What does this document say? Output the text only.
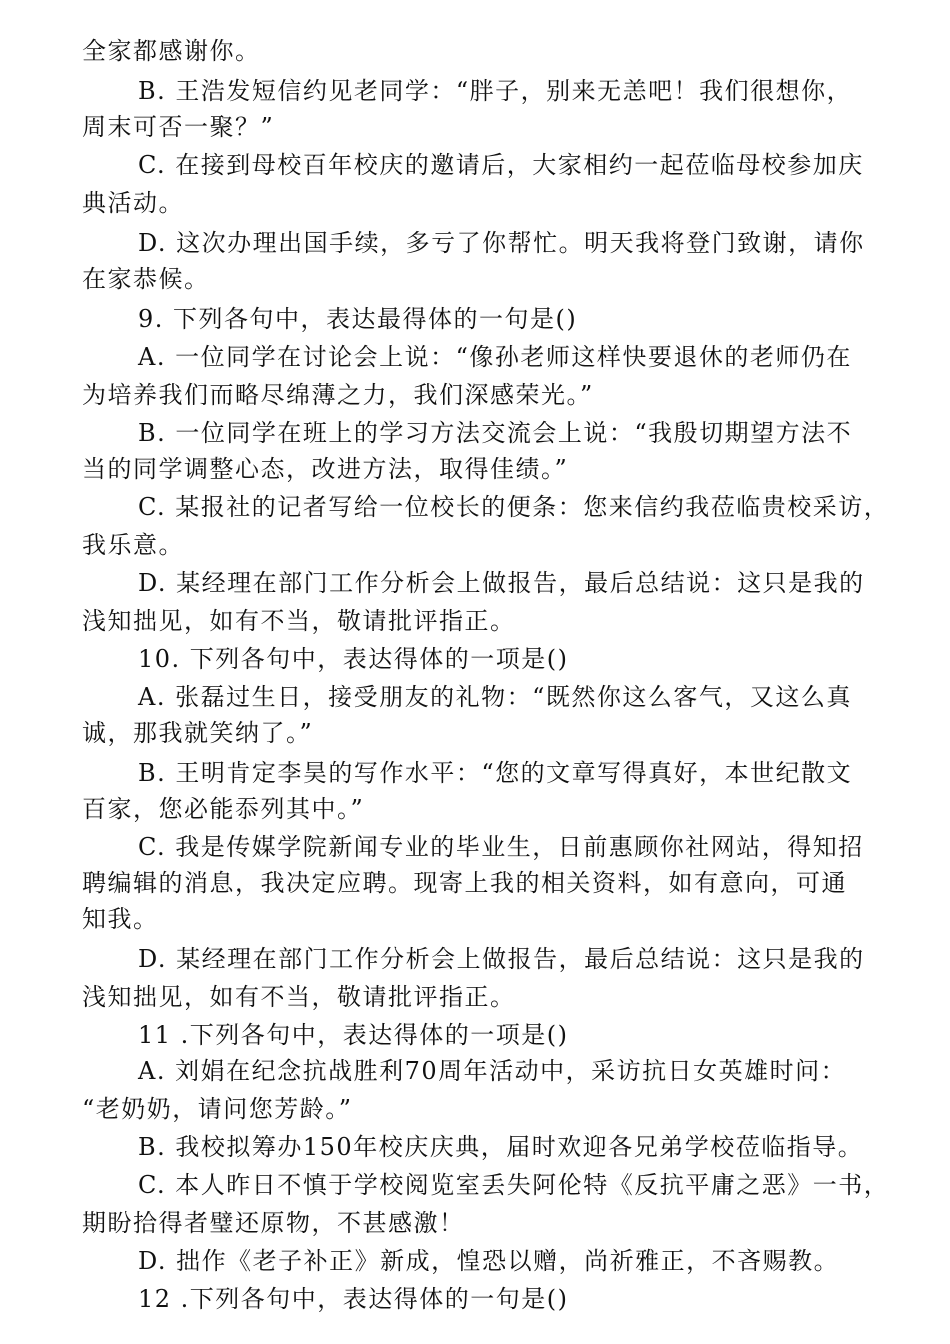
全家都感谢你。
B. 王浩发短信约见老同学：“胖子，别来无恙吧！我们很想你，
周末可否一聚？”
C. 在接到母校百年校庆的邀请后，大家相约一起莅临母校参加庆
典活动。
D. 这次办理出国手续，多亏了你帮忙。明天我将登门致谢，请你
在家恭候。
9. 下列各句中，表达最得体的一句是()
A. 一位同学在讨论会上说：“像孙老师这样快要退休的老师仍在
为培养我们而略尽绵薄之力，我们深感荣光。”
B. 一位同学在班上的学习方法交流会上说：“我殷切期望方法不
当的同学调整心态，改进方法，取得佳绩。”
C. 某报社的记者写给一位校长的便条：您来信约我莅临贵校采访，
我乐意。
D. 某经理在部门工作分析会上做报告，最后总结说：这只是我的
浅知拙见，如有不当，敬请批评指正。
10. 下列各句中，表达得体的一项是()
A. 张磊过生日，接受朋友的礼物：“既然你这么客气，又这么真
诚，那我就笑纳了。”
B. 王明肯定李昊的写作水平：“您的文章写得真好，本世纪散文
百家，您必能忝列其中。”
C. 我是传媒学院新闻专业的毕业生，日前惠顾你社网站，得知招
聘编辑的消息，我决定应聘。现寄上我的相关资料，如有意向，可通
知我。
D. 某经理在部门工作分析会上做报告，最后总结说：这只是我的
浅知拙见，如有不当，敬请批评指正。
11 .下列各句中，表达得体的一项是()
A. 刘娟在纪念抗战胜利70周年活动中，采访抗日女英雄时问：
“老奶奶，请问您芳龄。”
B. 我校拟筹办150年校庆庆典，届时欢迎各兄弟学校莅临指导。
C. 本人昨日不慎于学校阅览室丢失阿伦特《反抗平庸之恶》一书，
期盼拾得者璧还原物，不甚感激！
D. 拙作《老子补正》新成，惶恐以赠，尚祈雅正，不吝赐教。
12 .下列各句中，表达得体的一句是()
